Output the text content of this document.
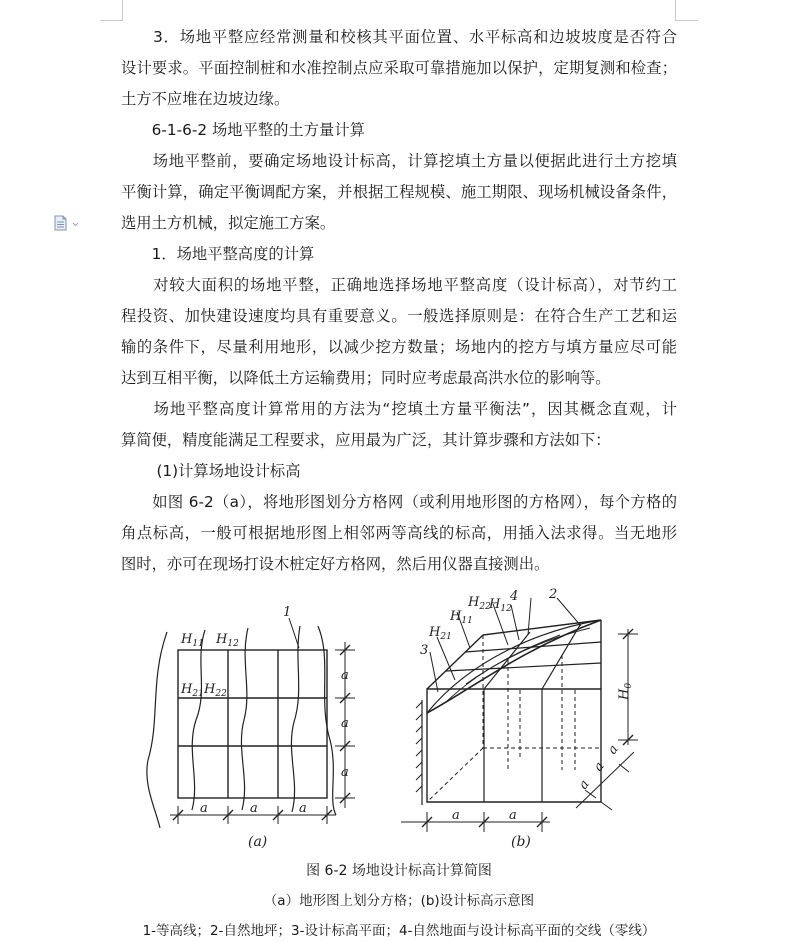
　　3．场地平整应经常测量和校核其平面位置、水平标高和边坡坡度是否符合
设计要求。平面控制桩和水准控制点应采取可靠措施加以保护，定期复测和检查；
土方不应堆在边坡边缘。
　　6-1-6-2 场地平整的土方量计算
　　场地平整前，要确定场地设计标高，计算挖填土方量以便据此进行土方挖填
平衡计算，确定平衡调配方案，并根据工程规模、施工期限、现场机械设备条件，
选用土方机械，拟定施工方案。
　　1．场地平整高度的计算
　　对较大面积的场地平整，正确地选择场地平整高度（设计标高），对节约工
程投资、加快建设速度均具有重要意义。一般选择原则是：在符合生产工艺和运
输的条件下，尽量利用地形，以减少挖方数量；场地内的挖方与填方量应尽可能
达到互相平衡，以降低土方运输费用；同时应考虑最高洪水位的影响等。
　　场地平整高度计算常用的方法为“挖填土方量平衡法”，因其概念直观，计
算简便，精度能满足工程要求，应用最为广泛，其计算步骤和方法如下：
　　 (1)计算场地设计标高
　　如图 6-2（a），将地形图划分方格网（或利用地形图的方格网），每个方格的
角点标高，一般可根据地形图上相邻两等高线的标高，用插入法求得。当无地形
图时，亦可在现场打设木桩定好方格网，然后用仪器直接测出。
$H_{11}$ $H_{12}$
$H_{21}$ $H_{22}$
1
a
a
a
a	a	a
(a)
$H_{22}$
$H_{12}$
$H_{11}$
$H_{21}$
4 2
3
$H_0$
a	a
a
a
a
(b)
图 6-2 场地设计标高计算简图
（a）地形图上划分方格；(b)设计标高示意图
1-等高线；2-自然地坪；3-设计标高平面；4-自然地面与设计标高平面的交线（零线）
